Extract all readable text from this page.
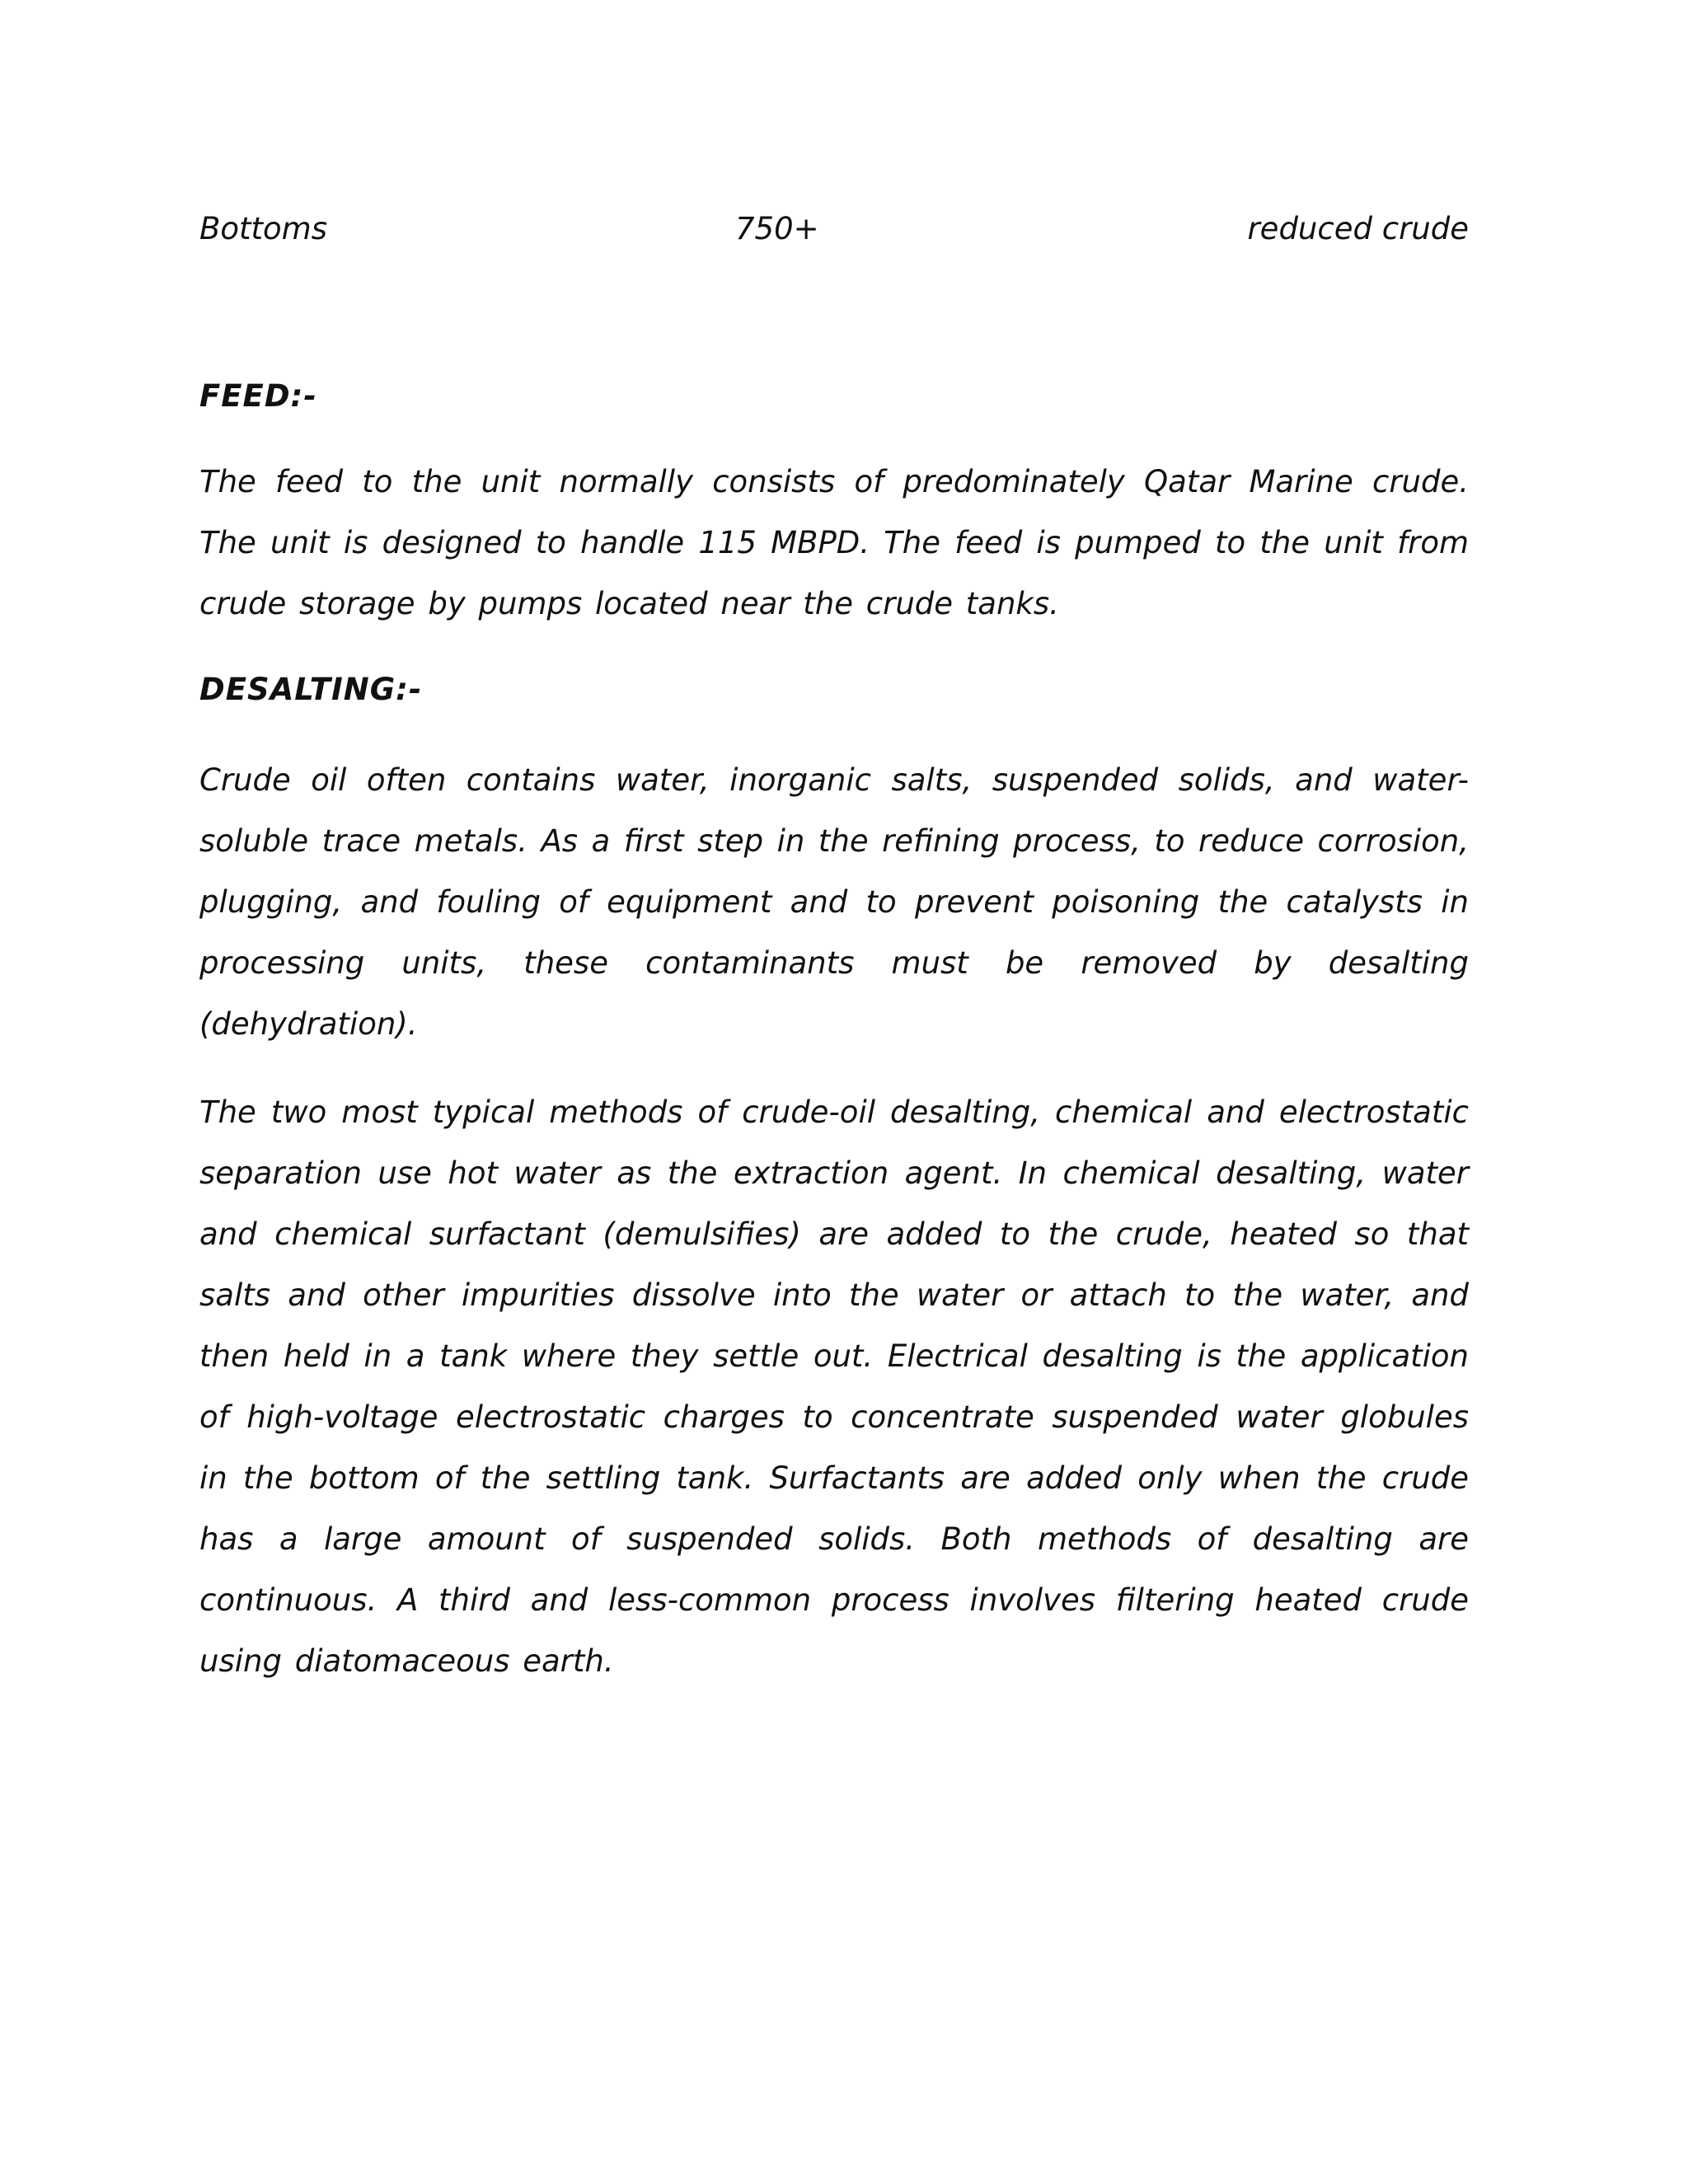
Bottoms	750+	reduced crude
FEED:-

The feed to the unit normally consists of predominately Qatar Marine crude. The unit is designed to handle 115 MBPD. The feed is pumped to the unit from crude storage by pumps located near the crude tanks.

DESALTING:-

Crude oil often contains water, inorganic salts, suspended solids, and water-soluble trace metals. As a first step in the refining process, to reduce corrosion, plugging, and fouling of equipment and to prevent poisoning the catalysts in processing units, these contaminants must be removed by desalting (dehydration).

The two most typical methods of crude-oil desalting, chemical and electrostatic separation use hot water as the extraction agent. In chemical desalting, water and chemical surfactant (demulsifies) are added to the crude, heated so that salts and other impurities dissolve into the water or attach to the water, and then held in a tank where they settle out. Electrical desalting is the application of high-voltage electrostatic charges to concentrate suspended water globules in the bottom of the settling tank. Surfactants are added only when the crude has a large amount of suspended solids. Both methods of desalting are continuous. A third and less-common process involves filtering heated crude using diatomaceous earth.
